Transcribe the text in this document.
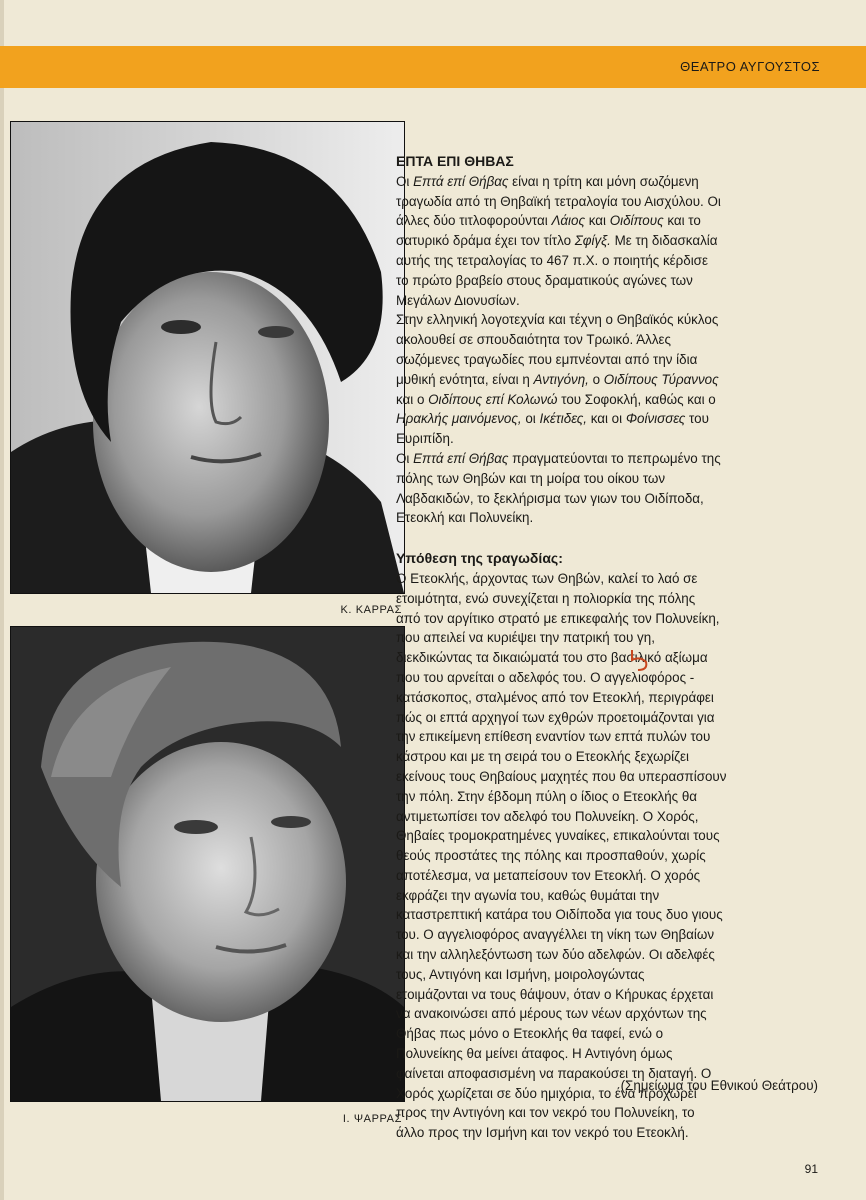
ΘΕΑΤΡΟ ΑΥΓΟΥΣΤΟΣ
Κ. ΚΑΡΡΑΣ
Ι. ΨΑΡΡΑΣ
ΕΠΤΑ ΕΠΙ ΘΗΒΑΣ

Οι Επτά επί Θήβας είναι η τρίτη και μόνη σωζόμενη
τραγωδία από τη Θηβαϊκή τετραλογία του Αισχύλου. Οι
άλλες δύο τιτλοφορούνται Λάιος και Οιδίπους και το
σατυρικό δράμα έχει τον τίτλο Σφίγξ. Με τη διδασκαλία
αυτής της τετραλογίας το 467 π.Χ. ο ποιητής κέρδισε
το πρώτο βραβείο στους δραματικούς αγώνες των
Μεγάλων Διονυσίων.

Στην ελληνική λογοτεχνία και τέχνη ο Θηβαϊκός κύκλος
ακολουθεί σε σπουδαιότητα τον Τρωικό. Άλλες
σωζόμενες τραγωδίες που εμπνέονται από την ίδια
μυθική ενότητα, είναι η Αντιγόνη, ο Οιδίπους Τύραννος
και ο Οιδίπους επί Κολωνώ του Σοφοκλή, καθώς και ο
Ηρακλής μαινόμενος, οι Ικέτιδες, και οι Φοίνισσες του
Ευριπίδη.

Οι Επτά επί Θήβας πραγματεύονται το πεπρωμένο της
πόλης των Θηβών και τη μοίρα του οίκου των
Λαβδακιδών, το ξεκλήρισμα των γιων του Οιδίποδα,
Ετεοκλή και Πολυνείκη.

Υπόθεση της τραγωδίας:

Ο Ετεοκλής, άρχοντας των Θηβών, καλεί το λαό σε
ετοιμότητα, ενώ συνεχίζεται η πολιορκία της πόλης
από τον αργίτικο στρατό με επικεφαλής τον Πολυνείκη,
που απειλεί να κυριέψει την πατρική του γη,
διεκδικώντας τα δικαιώματά του στο βασιλικό αξίωμα
που του αρνείται ο αδελφός του. Ο αγγελιοφόρος -
κατάσκοπος, σταλμένος από τον Ετεοκλή, περιγράφει
πώς οι επτά αρχηγοί των εχθρών προετοιμάζονται για
την επικείμενη επίθεση εναντίον των επτά πυλών του
κάστρου και με τη σειρά του ο Ετεοκλής ξεχωρίζει
εκείνους τους Θηβαίους μαχητές που θα υπερασπίσουν
την πόλη. Στην έβδομη πύλη ο ίδιος ο Ετεοκλής θα
αντιμετωπίσει τον αδελφό του Πολυνείκη. Ο Χορός,
Θηβαίες τρομοκρατημένες γυναίκες, επικαλούνται τους
θεούς προστάτες της πόλης και προσπαθούν, χωρίς
αποτέλεσμα, να μεταπείσουν τον Ετεοκλή. Ο χορός
εκφράζει την αγωνία του, καθώς θυμάται την
καταστρεπτική κατάρα του Οιδίποδα για τους δυο γιους
του. Ο αγγελιοφόρος αναγγέλλει τη νίκη των Θηβαίων
και την αλληλεξόντωση των δύο αδελφών. Οι αδελφές
τους, Αντιγόνη και Ισμήνη, μοιρολογώντας
ετοιμάζονται να τους θάψουν, όταν ο Κήρυκας έρχεται
να ανακοινώσει από μέρους των νέων αρχόντων της
Θήβας πως μόνο ο Ετεοκλής θα ταφεί, ενώ ο
Πολυνείκης θα μείνει άταφος. Η Αντιγόνη όμως
φαίνεται αποφασισμένη να παρακούσει τη διαταγή. Ο
Χορός χωρίζεται σε δύο ημιχόρια, το ένα προχωρεί
προς την Αντιγόνη και τον νεκρό του Πολυνείκη, το
άλλο προς την Ισμήνη και τον νεκρό του Ετεοκλή.

(Σημείωμα του Εθνικού Θεάτρου)
91
